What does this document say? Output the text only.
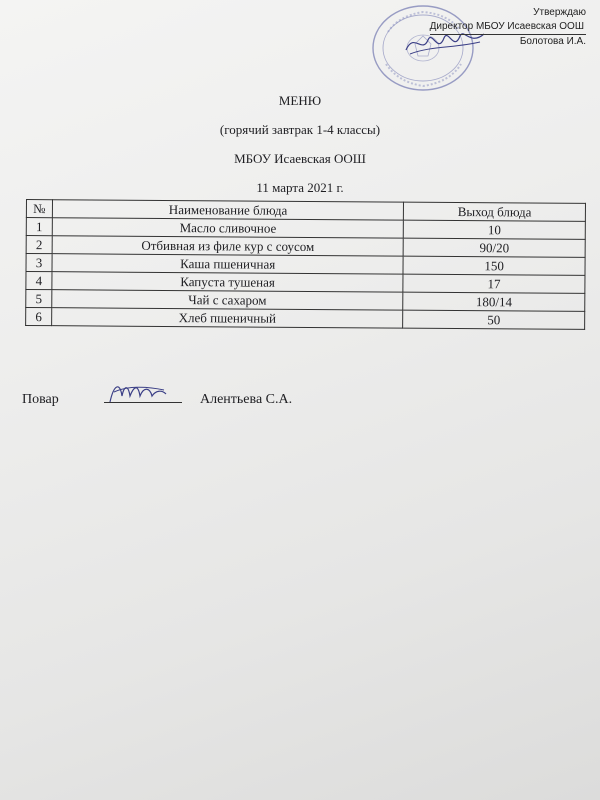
Утверждаю
Директор МБОУ Исаевская ООШ
Болотова И.А.
МЕНЮ
(горячий завтрак 1-4 классы)
МБОУ Исаевская ООШ
11 марта 2021 г.
№	Наименование блюда	Выход блюда
1	Масло сливочное	10
2	Отбивная из филе кур с соусом	90/20
3	Каша пшеничная	150
4	Капуста тушеная	17
5	Чай с сахаром	180/14
6	Хлеб пшеничный	50
Повар	Алентьева С.А.
